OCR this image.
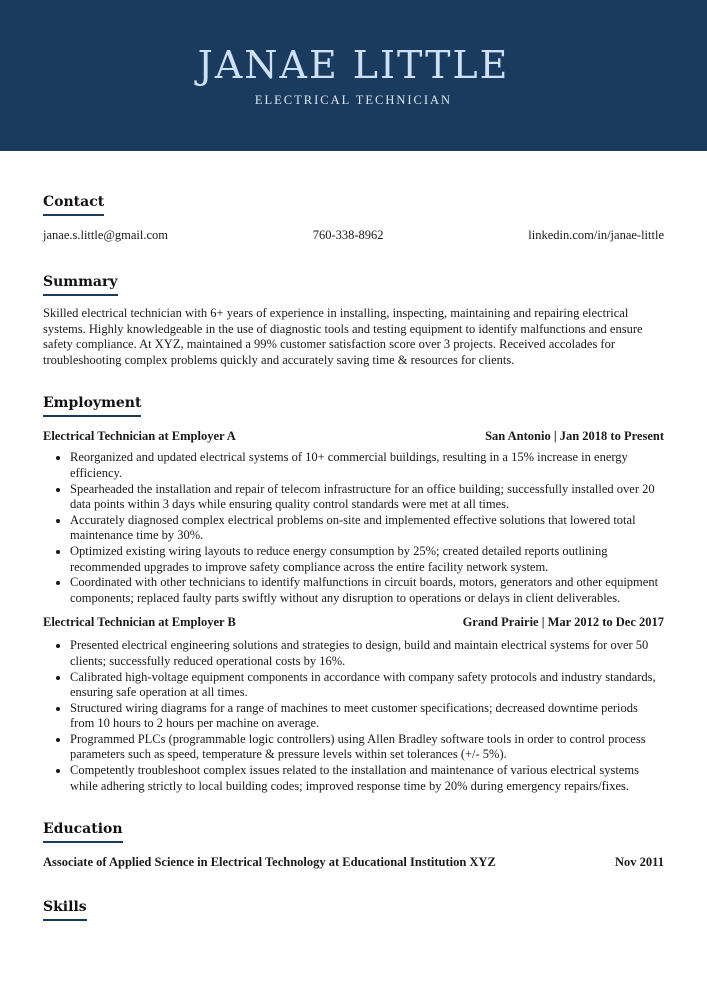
JANAE LITTLE
ELECTRICAL TECHNICIAN
Contact
janae.s.little@gmail.com	760-338-8962	linkedin.com/in/janae-little
Summary
Skilled electrical technician with 6+ years of experience in installing, inspecting, maintaining and repairing electrical systems. Highly knowledgeable in the use of diagnostic tools and testing equipment to identify malfunctions and ensure safety compliance. At XYZ, maintained a 99% customer satisfaction score over 3 projects. Received accolades for troubleshooting complex problems quickly and accurately saving time & resources for clients.
Employment
Electrical Technician at Employer A	San Antonio | Jan 2018 to Present
• Reorganized and updated electrical systems of 10+ commercial buildings, resulting in a 15% increase in energy efficiency.
• Spearheaded the installation and repair of telecom infrastructure for an office building; successfully installed over 20 data points within 3 days while ensuring quality control standards were met at all times.
• Accurately diagnosed complex electrical problems on-site and implemented effective solutions that lowered total maintenance time by 30%.
• Optimized existing wiring layouts to reduce energy consumption by 25%; created detailed reports outlining recommended upgrades to improve safety compliance across the entire facility network system.
• Coordinated with other technicians to identify malfunctions in circuit boards, motors, generators and other equipment components; replaced faulty parts swiftly without any disruption to operations or delays in client deliverables.
Electrical Technician at Employer B	Grand Prairie | Mar 2012 to Dec 2017
• Presented electrical engineering solutions and strategies to design, build and maintain electrical systems for over 50 clients; successfully reduced operational costs by 16%.
• Calibrated high-voltage equipment components in accordance with company safety protocols and industry standards, ensuring safe operation at all times.
• Structured wiring diagrams for a range of machines to meet customer specifications; decreased downtime periods from 10 hours to 2 hours per machine on average.
• Programmed PLCs (programmable logic controllers) using Allen Bradley software tools in order to control process parameters such as speed, temperature & pressure levels within set tolerances (+/- 5%).
• Competently troubleshoot complex issues related to the installation and maintenance of various electrical systems while adhering strictly to local building codes; improved response time by 20% during emergency repairs/fixes.
Education
Associate of Applied Science in Electrical Technology at Educational Institution XYZ	Nov 2011
Skills
